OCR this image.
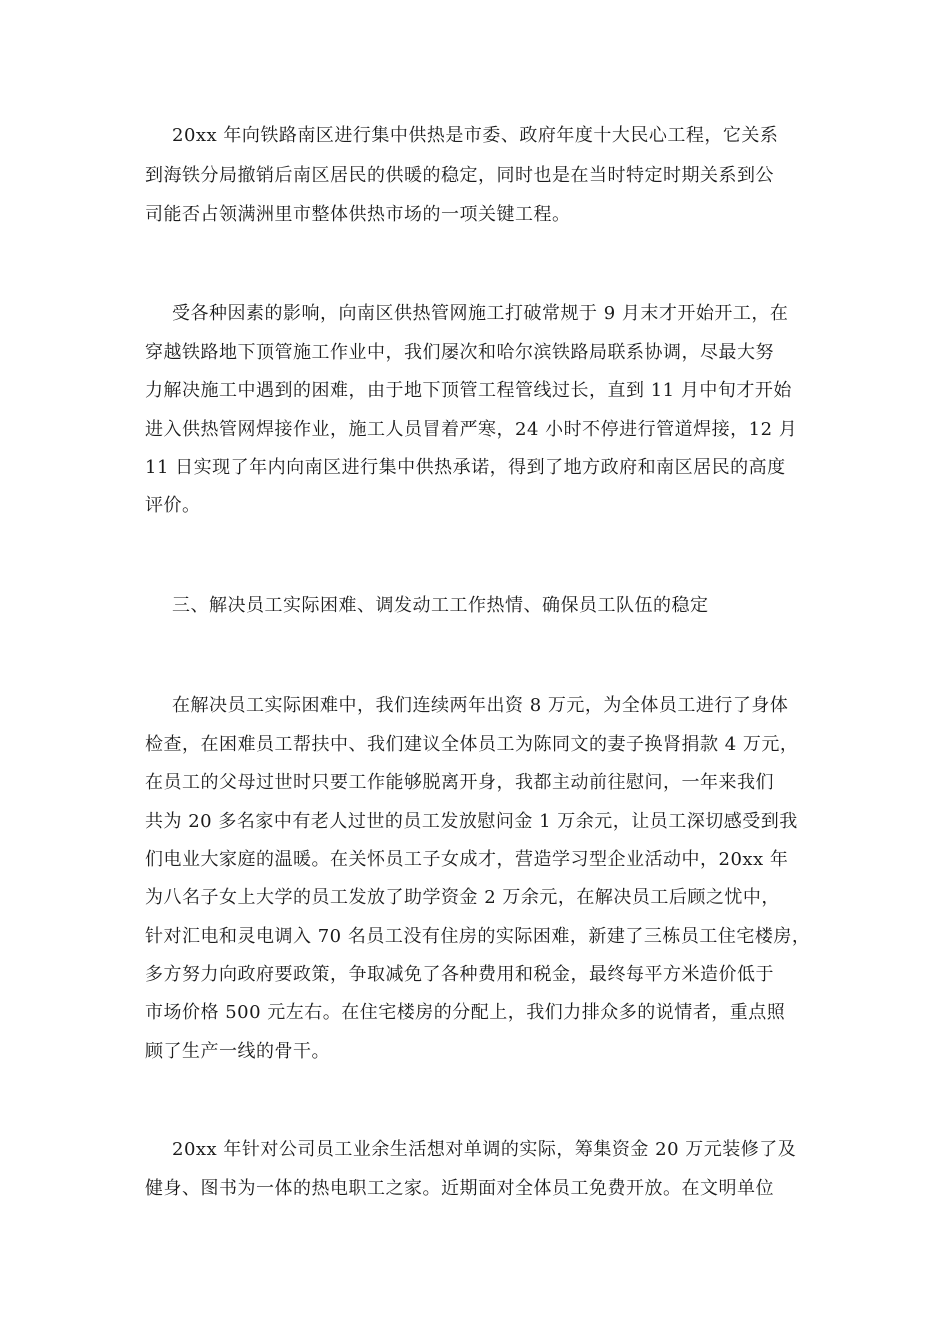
20xx 年向铁路南区进行集中供热是市委、政府年度十大民心工程，它关系

到海铁分局撤销后南区居民的供暖的稳定，同时也是在当时特定时期关系到公

司能否占领满洲里市整体供热市场的一项关键工程。

受各种因素的影响，向南区供热管网施工打破常规于 9 月末才开始开工，在

穿越铁路地下顶管施工作业中，我们屡次和哈尔滨铁路局联系协调，尽最大努

力解决施工中遇到的困难，由于地下顶管工程管线过长，直到 11 月中旬才开始

进入供热管网焊接作业，施工人员冒着严寒，24 小时不停进行管道焊接，12 月

11 日实现了年内向南区进行集中供热承诺，得到了地方政府和南区居民的高度

评价。

三、解决员工实际困难、调发动工工作热情、确保员工队伍的稳定

在解决员工实际困难中，我们连续两年出资 8 万元，为全体员工进行了身体

检查，在困难员工帮扶中、我们建议全体员工为陈同文的妻子换肾捐款 4 万元，

在员工的父母过世时只要工作能够脱离开身，我都主动前往慰问，一年来我们

共为 20 多名家中有老人过世的员工发放慰问金 1 万余元，让员工深切感受到我

们电业大家庭的温暖。在关怀员工子女成才，营造学习型企业活动中，20xx 年

为八名子女上大学的员工发放了助学资金 2 万余元，在解决员工后顾之忧中，

针对汇电和灵电调入 70 名员工没有住房的实际困难，新建了三栋员工住宅楼房，

多方努力向政府要政策，争取减免了各种费用和税金，最终每平方米造价低于

市场价格 500 元左右。在住宅楼房的分配上，我们力排众多的说情者，重点照

顾了生产一线的骨干。

20xx 年针对公司员工业余生活想对单调的实际，筹集资金 20 万元装修了及

健身、图书为一体的热电职工之家。近期面对全体员工免费开放。在文明单位
